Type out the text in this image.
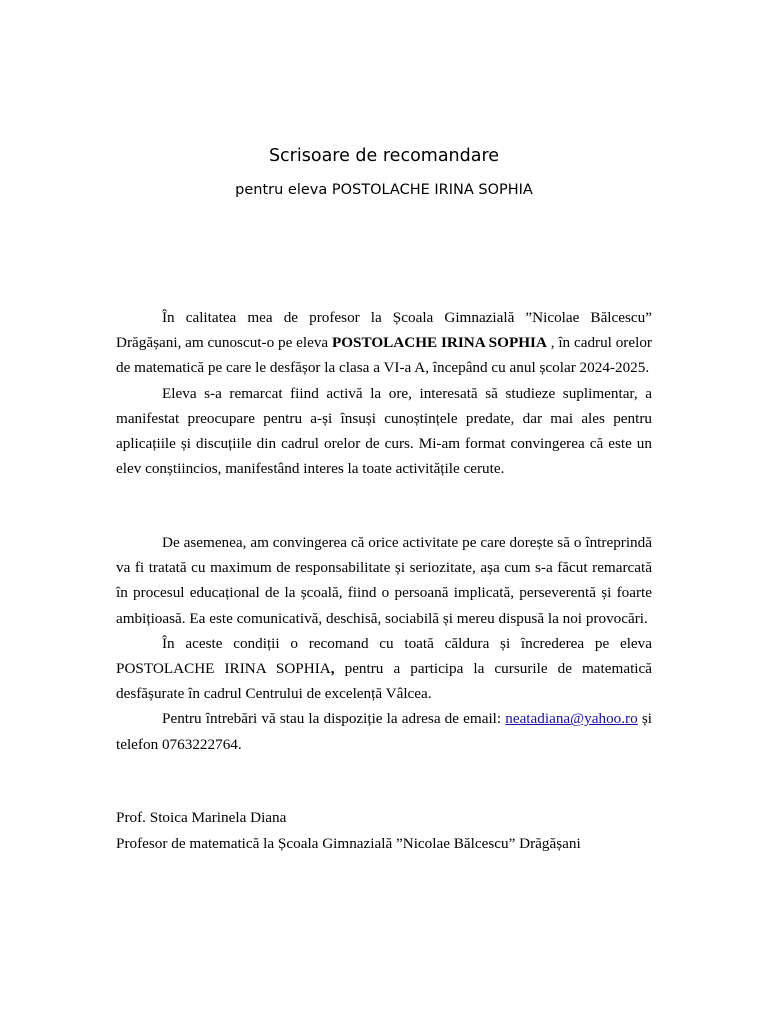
Scrisoare de recomandare
pentru eleva POSTOLACHE IRINA SOPHIA

În calitatea mea de profesor la Școala Gimnazială ”Nicolae Bălcescu” Drăgășani, am cunoscut-o pe eleva POSTOLACHE IRINA SOPHIA , în cadrul orelor de matematică pe care le desfășor la clasa a VI-a A, începând cu anul școlar 2024-2025.

Eleva s-a remarcat fiind activă la ore, interesată să studieze suplimentar, a manifestat preocupare pentru a-și însuși cunoștințele predate, dar mai ales pentru aplicațiile și discuțiile din cadrul orelor de curs. Mi-am format convingerea că este un elev conștiincios, manifestând interes la toate activitățile cerute.

De asemenea, am convingerea că orice activitate pe care dorește să o întreprindă va fi tratată cu maximum de responsabilitate și seriozitate, așa cum s-a făcut remarcată în procesul educațional de la școală, fiind o persoană implicată, perseverentă și foarte ambițioasă. Ea este comunicativă, deschisă, sociabilă și mereu dispusă la noi provocări.

În aceste condiții o recomand cu toată căldura și încrederea pe eleva POSTOLACHE IRINA SOPHIA, pentru a participa la cursurile de matematică desfășurate în cadrul Centrului de excelență Vâlcea.

Pentru întrebări vă stau la dispoziție la adresa de email: neatadiana@yahoo.ro și telefon 0763222764.

Prof. Stoica Marinela Diana
Profesor de matematică la Școala Gimnazială ”Nicolae Bălcescu” Drăgășani
